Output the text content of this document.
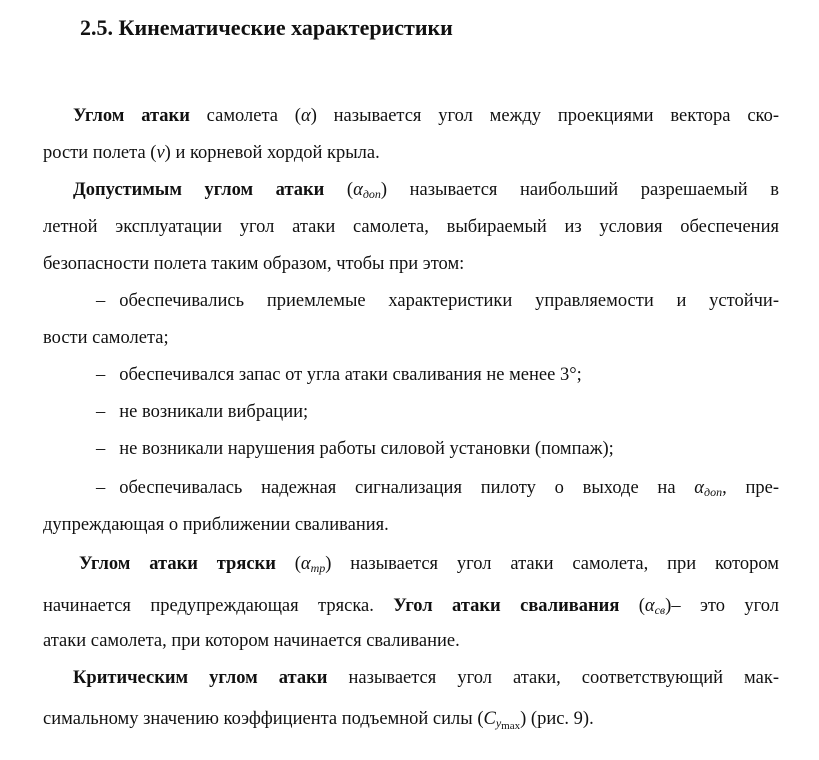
2.5. Кинематические характеристики
Углом атаки самолета (α) называется угол между проекциями вектора ско-
рости полета (v) и корневой хордой крыла.
Допустимым углом атаки $(\alpha_{доп})$ называется наибольший разрешаемый в
летной эксплуатации угол атаки самолета, выбираемый из условия обеспечения
безопасности полета таким образом, чтобы при этом:
– обеспечивались приемлемые характеристики управляемости и устойчи-
вости самолета;
– обеспечивался запас от угла атаки сваливания не менее 3°;
– не возникали вибрации;
– не возникали нарушения работы силовой установки (помпаж);
– обеспечивалась надежная сигнализация пилоту о выходе на $\alpha_{доп}$, пре-
дупреждающая о приближении сваливания.
Углом атаки тряски $(\alpha_{тр})$ называется угол атаки самолета, при котором
начинается предупреждающая тряска. Угол атаки сваливания $(\alpha_{св})-$ это угол
атаки самолета, при котором начинается сваливание.
Критическим углом атаки называется угол атаки, соответствующий мак-
симальному значению коэффициента подъемной силы $(C_{y_{max}})$ (рис. 9).
